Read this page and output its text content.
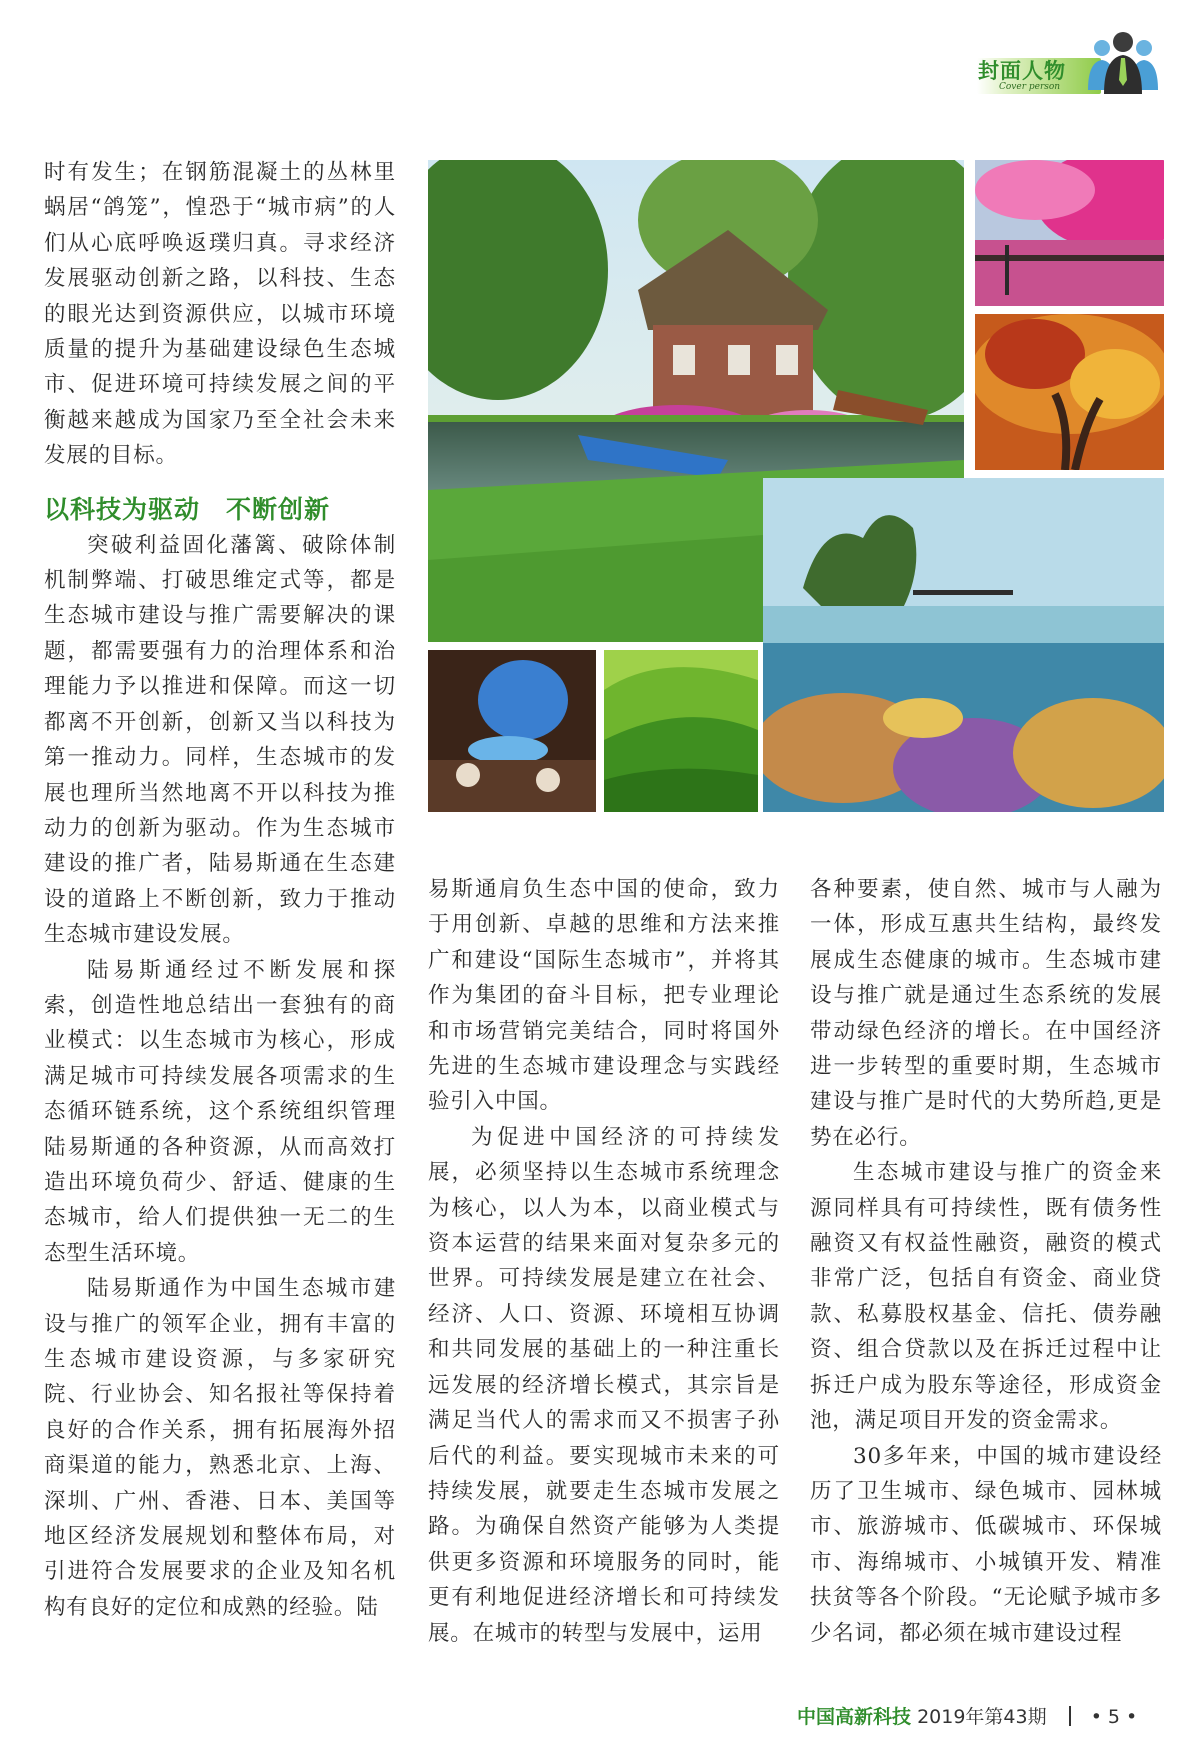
封面人物
Cover person

时有发生；在钢筋混凝土的丛林里蜗居“鸽笼”，惶恐于“城市病”的人们从心底呼唤返璞归真。寻求经济发展驱动创新之路，以科技、生态的眼光达到资源供应，以城市环境质量的提升为基础建设绿色生态城市、促进环境可持续发展之间的平衡越来越成为国家乃至全社会未来发展的目标。

以科技为驱动　不断创新

突破利益固化藩篱、破除体制机制弊端、打破思维定式等，都是生态城市建设与推广需要解决的课题，都需要强有力的治理体系和治理能力予以推进和保障。而这一切都离不开创新，创新又当以科技为第一推动力。同样，生态城市的发展也理所当然地离不开以科技为推动力的创新为驱动。作为生态城市建设的推广者，陆易斯通在生态建设的道路上不断创新，致力于推动生态城市建设发展。

陆易斯通经过不断发展和探索，创造性地总结出一套独有的商业模式：以生态城市为核心，形成满足城市可持续发展各项需求的生态循环链系统，这个系统组织管理陆易斯通的各种资源，从而高效打造出环境负荷少、舒适、健康的生态城市，给人们提供独一无二的生态型生活环境。

陆易斯通作为中国生态城市建设与推广的领军企业，拥有丰富的生态城市建设资源，与多家研究院、行业协会、知名报社等保持着良好的合作关系，拥有拓展海外招商渠道的能力，熟悉北京、上海、深圳、广州、香港、日本、美国等地区经济发展规划和整体布局，对引进符合发展要求的企业及知名机构有良好的定位和成熟的经验。陆

易斯通肩负生态中国的使命，致力于用创新、卓越的思维和方法来推广和建设“国际生态城市”，并将其作为集团的奋斗目标，把专业理论和市场营销完美结合，同时将国外先进的生态城市建设理念与实践经验引入中国。

为促进中国经济的可持续发展，必须坚持以生态城市系统理念为核心，以人为本，以商业模式与资本运营的结果来面对复杂多元的世界。可持续发展是建立在社会、经济、人口、资源、环境相互协调和共同发展的基础上的一种注重长远发展的经济增长模式，其宗旨是满足当代人的需求而又不损害子孙后代的利益。要实现城市未来的可持续发展，就要走生态城市发展之路。为确保自然资产能够为人类提供更多资源和环境服务的同时，能更有利地促进经济增长和可持续发展。在城市的转型与发展中，运用

各种要素，使自然、城市与人融为一体，形成互惠共生结构，最终发展成生态健康的城市。生态城市建设与推广就是通过生态系统的发展带动绿色经济的增长。在中国经济进一步转型的重要时期，生态城市建设与推广是时代的大势所趋,更是势在必行。

生态城市建设与推广的资金来源同样具有可持续性，既有债务性融资又有权益性融资，融资的模式非常广泛，包括自有资金、商业贷款、私募股权基金、信托、债券融资、组合贷款以及在拆迁过程中让拆迁户成为股东等途径，形成资金池，满足项目开发的资金需求。

30多年来，中国的城市建设经历了卫生城市、绿色城市、园林城市、旅游城市、低碳城市、环保城市、海绵城市、小城镇开发、精准扶贫等各个阶段。“无论赋予城市多少名词，都必须在城市建设过程

中国高新科技 2019年第43期 • 5 •
